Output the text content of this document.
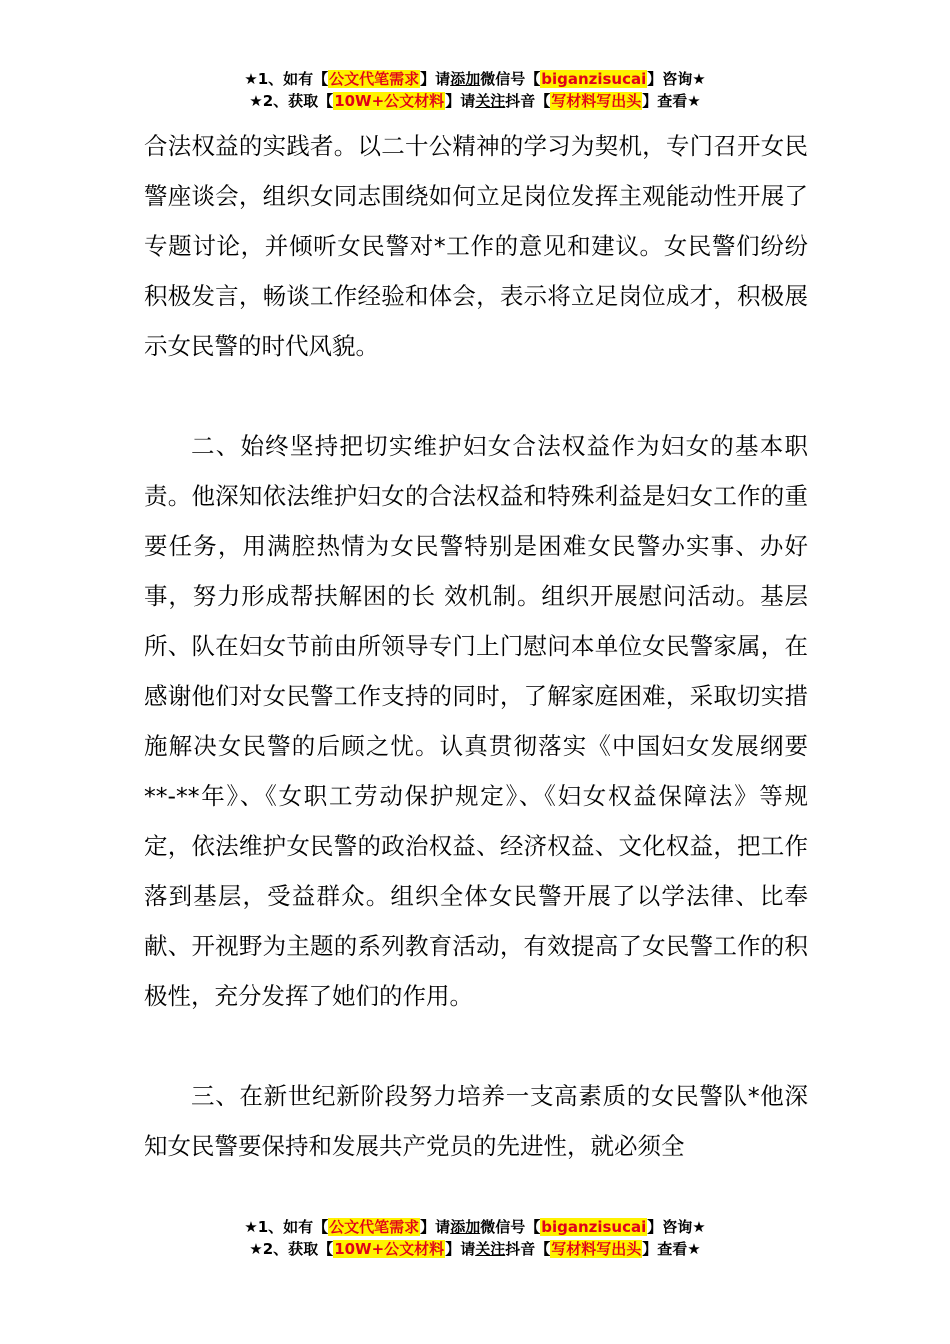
★1、如有【公文代笔需求】请添加微信号【biganzisucai】咨询★
★2、获取【10W+公文材料】请关注抖音【写材料写出头】查看★

合法权益的实践者。以二十公精神的学习为契机，专门召开女民警座谈会，组织女同志围绕如何立足岗位发挥主观能动性开展了专题讨论，并倾听女民警对*工作的意见和建议。女民警们纷纷积极发言，畅谈工作经验和体会，表示将立足岗位成才，积极展示女民警的时代风貌。

二、始终坚持把切实维护妇女合法权益作为妇女的基本职责。他深知依法维护妇女的合法权益和特殊利益是妇女工作的重要任务，用满腔热情为女民警特别是困难女民警办实事、办好事，努力形成帮扶解困的长 效机制。组织开展慰问活动。基层所、队在妇女节前由所领导专门上门慰问本单位女民警家属，在感谢他们对女民警工作支持的同时，了解家庭困难，采取切实措施解决女民警的后顾之忧。认真贯彻落实《中国妇女发展纲要**-**年》、《女职工劳动保护规定》、《妇女权益保障法》等规定，依法维护女民警的政治权益、经济权益、文化权益，把工作落到基层，受益群众。组织全体女民警开展了以学法律、比奉献、开视野为主题的系列教育活动，有效提高了女民警工作的积极性，充分发挥了她们的作用。

三、在新世纪新阶段努力培养一支高素质的女民警队*他深知女民警要保持和发展共产党员的先进性，就必须全

★1、如有【公文代笔需求】请添加微信号【biganzisucai】咨询★
★2、获取【10W+公文材料】请关注抖音【写材料写出头】查看★
